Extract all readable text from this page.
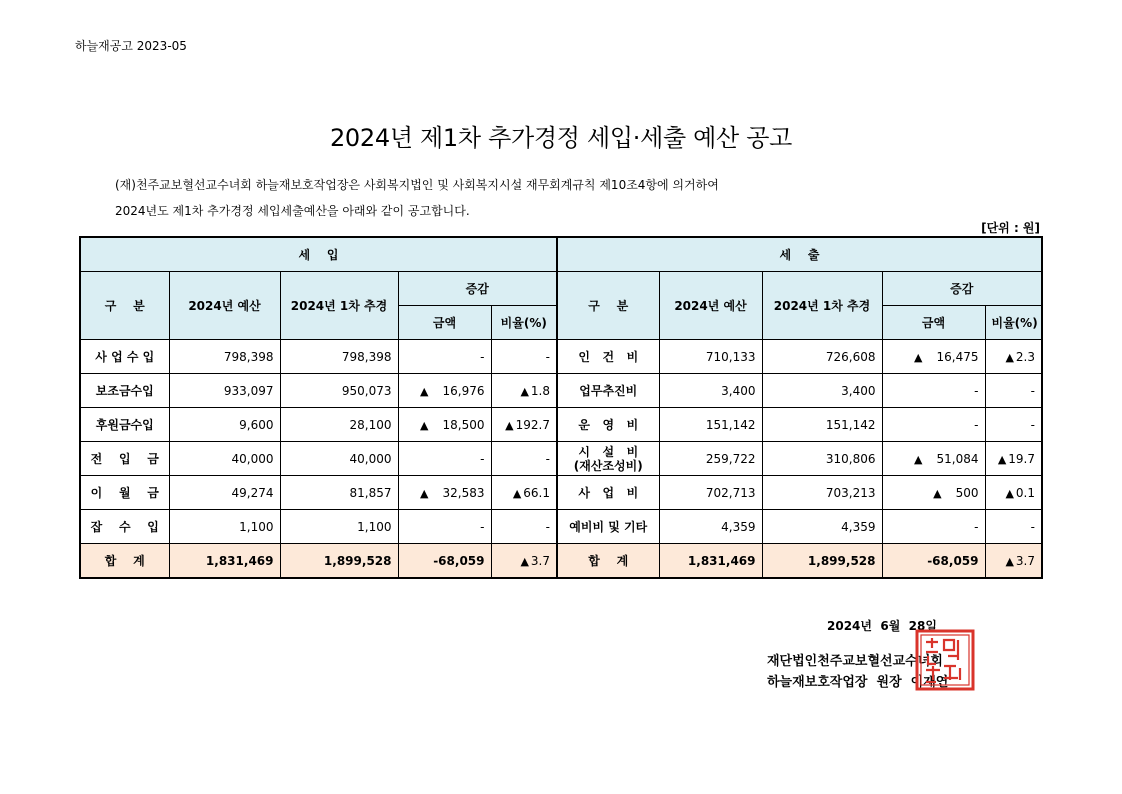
하늘재공고 2023-05
2024년 제1차 추가경정 세입·세출 예산 공고
(재)천주교보혈선교수녀회 하늘재보호작업장은 사회복지법인 및 사회복지시설 재무회계규칙 제10조4항에 의거하여
2024년도 제1차 추가경정 세입세출예산을 아래와 같이 공고합니다.
[단위 : 원]
세    입					세    출				
구    분	2024년 예산	2024년 1차 추경	증감		구    분	2024년 예산	2024년 1차 추경	증감	
			금액	비율(%)				금액	비율(%)

사 업 수 입	798,398	798,398	-	-	인   건   비	710,133	726,608	▲ 16,475	▲ 2.3

보조금수입	933,097	950,073	▲ 16,976	▲ 1.8	업무추진비	3,400	3,400	-	-

후원금수입	9,600	28,100	▲ 18,500	▲ 192.7	운   영   비	151,142	151,142	-	-

전    입    금	40,000	40,000	-	-	시   설   비
(재산조성비)	259,722	310,806	▲ 51,084	▲ 19.7

이    월    금	49,274	81,857	▲ 32,583	▲ 66.1	사   업   비	702,713	703,213	▲ 500	▲ 0.1

잡    수    입	1,100	1,100	-	-	예비비 및 기타	4,359	4,359	-	-
합    계	1,831,469	1,899,528	-68,059	▲ 3.7	합    계	1,831,469	1,899,528	-68,059	▲ 3.7
2024년  6월  28일
재단법인천주교보혈선교수녀회
하늘재보호작업장  원장  이재연
